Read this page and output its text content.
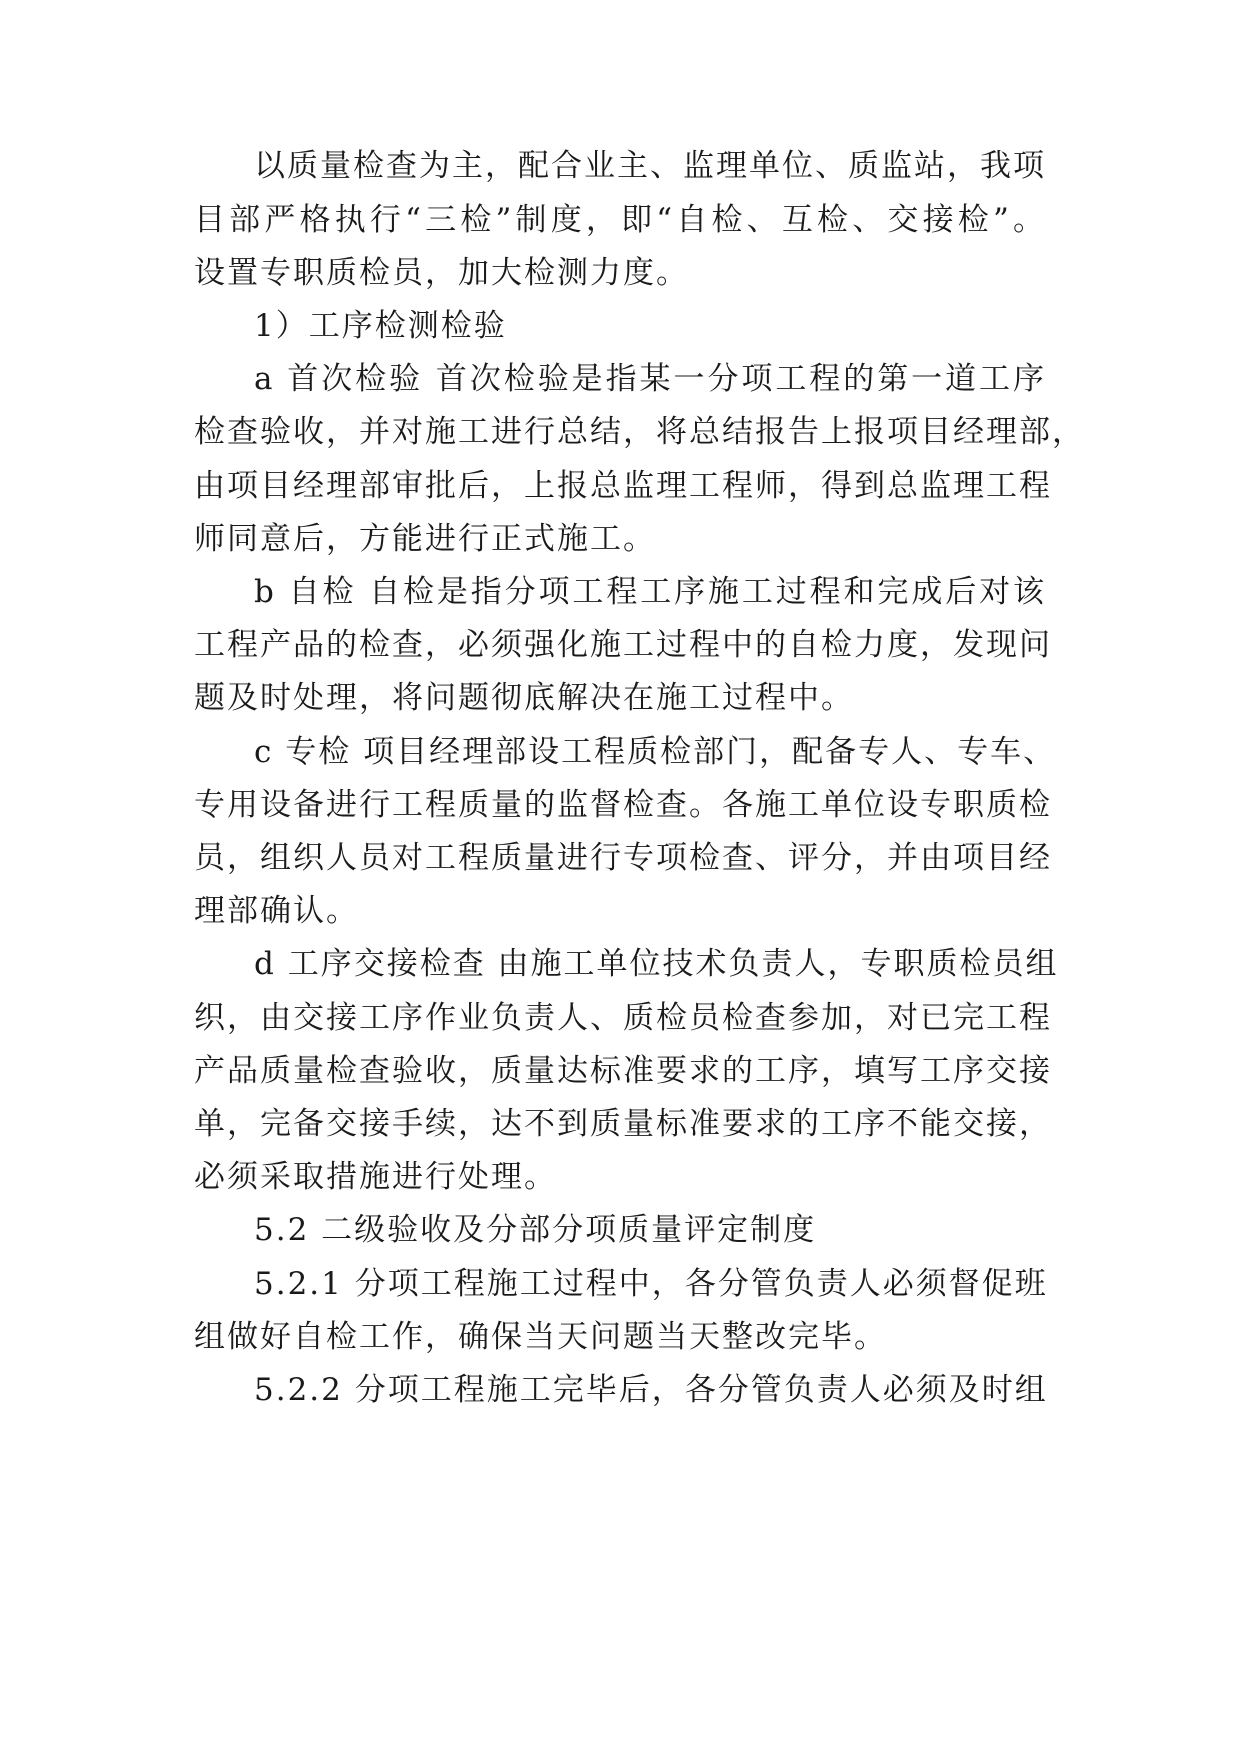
以质量检查为主，配合业主、监理单位、质监站，我项
目部严格执行“三检”制度，即“自检、互检、交接检”。
设置专职质检员，加大检测力度。
1）工序检测检验
a 首次检验 首次检验是指某一分项工程的第一道工序
检查验收，并对施工进行总结，将总结报告上报项目经理部，
由项目经理部审批后，上报总监理工程师，得到总监理工程
师同意后，方能进行正式施工。
b 自检 自检是指分项工程工序施工过程和完成后对该
工程产品的检查，必须强化施工过程中的自检力度，发现问
题及时处理，将问题彻底解决在施工过程中。
c 专检 项目经理部设工程质检部门，配备专人、专车、
专用设备进行工程质量的监督检查。各施工单位设专职质检
员，组织人员对工程质量进行专项检查、评分，并由项目经
理部确认。
d 工序交接检查 由施工单位技术负责人，专职质检员组
织，由交接工序作业负责人、质检员检查参加，对已完工程
产品质量检查验收，质量达标准要求的工序，填写工序交接
单，完备交接手续，达不到质量标准要求的工序不能交接，
必须采取措施进行处理。
5.2 二级验收及分部分项质量评定制度
5.2.1 分项工程施工过程中，各分管负责人必须督促班
组做好自检工作，确保当天问题当天整改完毕。
5.2.2 分项工程施工完毕后，各分管负责人必须及时组
